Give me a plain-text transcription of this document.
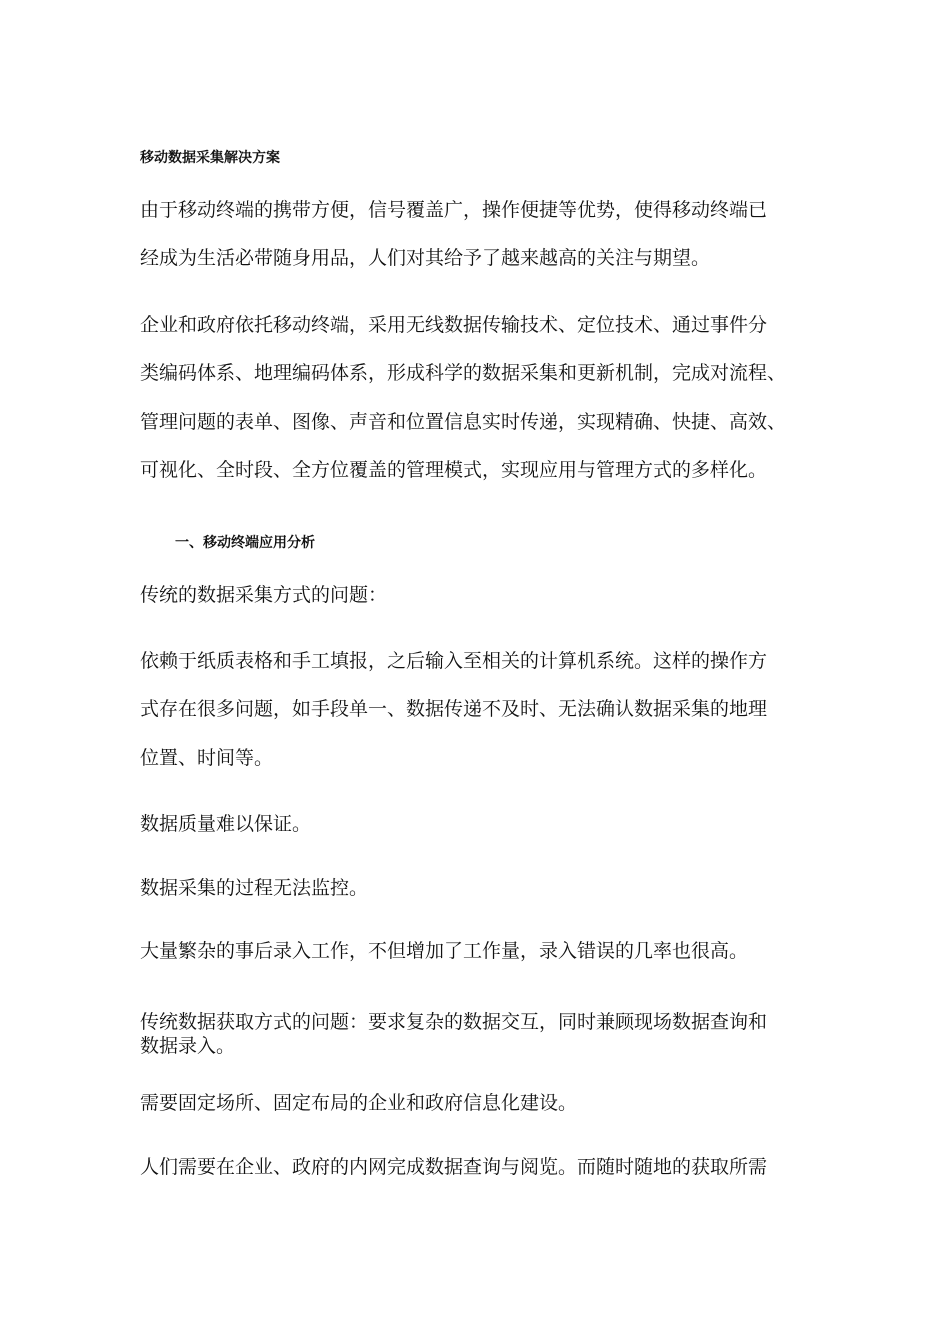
移动数据采集解决方案
由于移动终端的携带方便，信号覆盖广，操作便捷等优势，使得移动终端已
经成为生活必带随身用品，人们对其给予了越来越高的关注与期望。
企业和政府依托移动终端，采用无线数据传输技术、定位技术、通过事件分
类编码体系、地理编码体系，形成科学的数据采集和更新机制，完成对流程、
管理问题的表单、图像、声音和位置信息实时传递，实现精确、快捷、高效、
可视化、全时段、全方位覆盖的管理模式，实现应用与管理方式的多样化。
一、移动终端应用分析
传统的数据采集方式的问题：
依赖于纸质表格和手工填报，之后输入至相关的计算机系统。这样的操作方
式存在很多问题，如手段单一、数据传递不及时、无法确认数据采集的地理
位置、时间等。
数据质量难以保证。
数据采集的过程无法监控。
大量繁杂的事后录入工作，不但增加了工作量，录入错误的几率也很高。
传统数据获取方式的问题：要求复杂的数据交互，同时兼顾现场数据查询和
数据录入。
需要固定场所、固定布局的企业和政府信息化建设。
人们需要在企业、政府的内网完成数据查询与阅览。而随时随地的获取所需
